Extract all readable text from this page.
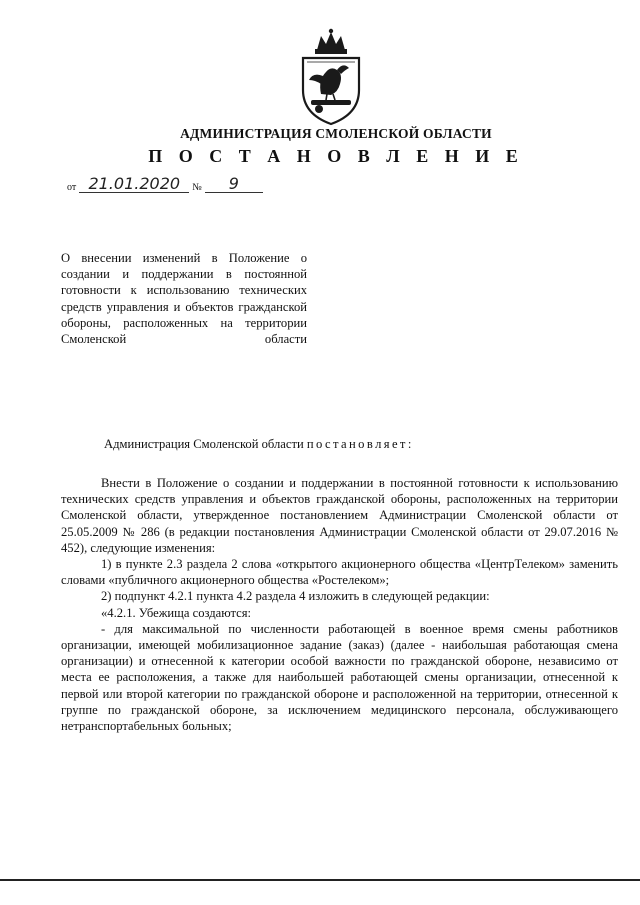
АДМИНИСТРАЦИЯ СМОЛЕНСКОЙ ОБЛАСТИ
П О С Т А Н О В Л Е Н И Е
от 21.01.2020 № 9
О внесении изменений в Положение о создании и поддержании в постоянной готовности к использованию технических средств управления и объектов гражданской обороны, расположенных на территории Смоленской области
Администрация Смоленской области постановляет:

Внести в Положение о создании и поддержании в постоянной готовности к использованию технических средств управления и объектов гражданской обороны, расположенных на территории Смоленской области, утвержденное постановлением Администрации Смоленской области от 25.05.2009 № 286 (в редакции постановления Администрации Смоленской области от 29.07.2016 № 452), следующие изменения:

1) в пункте 2.3 раздела 2 слова «открытого акционерного общества «ЦентрТелеком» заменить словами «публичного акционерного общества «Ростелеком»;

2) подпункт 4.2.1 пункта 4.2 раздела 4 изложить в следующей редакции:

«4.2.1. Убежища создаются:

- для максимальной по численности работающей в военное время смены работников организации, имеющей мобилизационное задание (заказ) (далее - наибольшая работающая смена организации) и отнесенной к категории особой важности по гражданской обороне, независимо от места ее расположения, а также для наибольшей работающей смены организации, отнесенной к первой или второй категории по гражданской обороне и расположенной на территории, отнесенной к группе по гражданской обороне, за исключением медицинского персонала, обслуживающего нетранспортабельных больных;
